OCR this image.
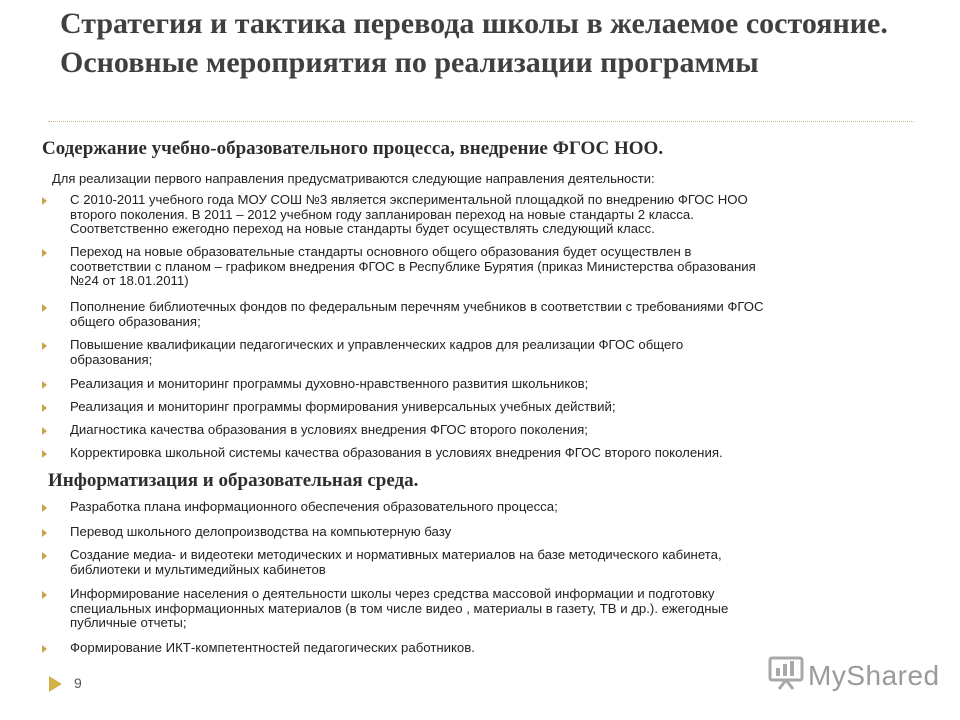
Стратегия и тактика перевода школы в желаемое состояние. Основные мероприятия по реализации программы
Содержание учебно-образовательного процесса, внедрение ФГОС НОО.

Для реализации первого направления предусматриваются следующие направления деятельности:

С 2010-2011 учебного года МОУ СОШ №3 является экспериментальной площадкой по внедрению ФГОС НОО
второго поколения. В 2011 – 2012 учебном году запланирован переход на новые стандарты 2 класса.
Соответственно ежегодно переход на новые стандарты будет осуществлять следующий класс.
Переход на новые образовательные стандарты основного общего образования будет осуществлен в
соответствии с планом – графиком внедрения ФГОС в Республике Бурятия (приказ Министерства образования
№24 от 18.01.2011)
Пополнение библиотечных фондов по федеральным перечням учебников в соответствии с требованиями ФГОС
общего образования;
Повышение квалификации педагогических и управленческих кадров для реализации ФГОС общего
образования;
Реализация и мониторинг программы духовно-нравственного развития школьников;
Реализация и мониторинг программы формирования универсальных учебных действий;
Диагностика качества образования в условиях внедрения ФГОС второго поколения;
Корректировка школьной системы качества образования в условиях внедрения ФГОС второго поколения.
Информатизация и образовательная среда.
Разработка плана информационного обеспечения образовательного процесса;
Перевод школьного делопроизводства на компьютерную базу
Создание медиа- и видеотеки методических и нормативных материалов на базе методического кабинета,
библиотеки и мультимедийных кабинетов
Информирование населения о деятельности школы через средства массовой информации и подготовку
специальных информационных материалов (в том числе видео , материалы в газету, ТВ и др.). ежегодные
публичные отчеты;
Формирование ИКТ-компетентностей педагогических работников.
9	MyShared
